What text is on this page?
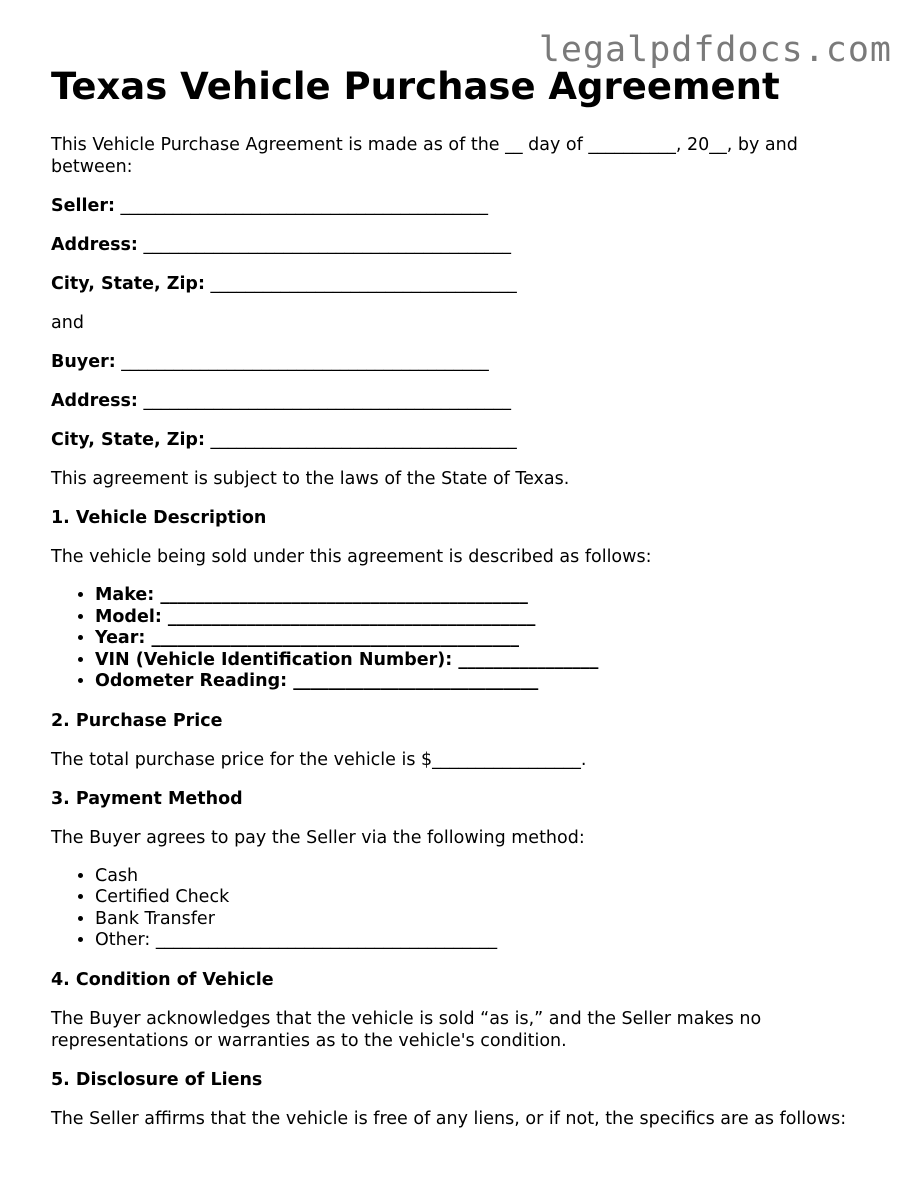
legalpdfdocs.com
Texas Vehicle Purchase Agreement

This Vehicle Purchase Agreement is made as of the __ day of __________, 20__, by and between:

Seller: __________________________________________

Address: __________________________________________

City, State, Zip: ___________________________________

and

Buyer: __________________________________________

Address: __________________________________________

City, State, Zip: ___________________________________

This agreement is subject to the laws of the State of Texas.

1. Vehicle Description

The vehicle being sold under this agreement is described as follows:

• Make: __________________________________________
• Model: __________________________________________
• Year: __________________________________________
• VIN (Vehicle Identification Number): ________________
• Odometer Reading: ____________________________
2. Purchase Price

The total purchase price for the vehicle is $_________________.

3. Payment Method

The Buyer agrees to pay the Seller via the following method:

• Cash
• Certified Check
• Bank Transfer
• Other: _______________________________________
4. Condition of Vehicle

The Buyer acknowledges that the vehicle is sold “as is,” and the Seller makes no representations or warranties as to the vehicle's condition.

5. Disclosure of Liens

The Seller affirms that the vehicle is free of any liens, or if not, the specifics are as follows:
